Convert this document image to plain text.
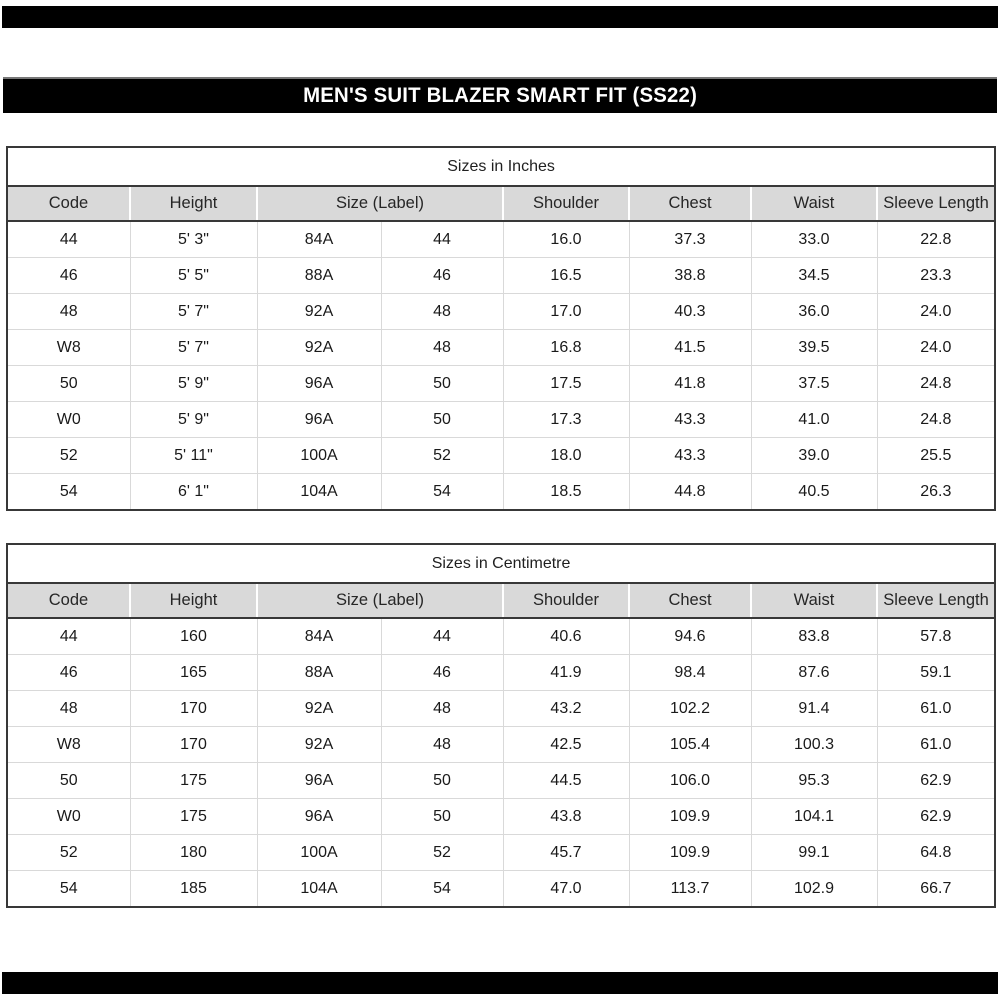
MEN'S SUIT BLAZER SMART FIT (SS22)
Sizes in Inches							
Code	Height	Size (Label)		Shoulder	Chest	Waist	Sleeve Length
44	5' 3"	84A	44	16.0	37.3	33.0	22.8
46	5' 5"	88A	46	16.5	38.8	34.5	23.3
48	5' 7"	92A	48	17.0	40.3	36.0	24.0
W8	5' 7"	92A	48	16.8	41.5	39.5	24.0
50	5' 9"	96A	50	17.5	41.8	37.5	24.8
W0	5' 9"	96A	50	17.3	43.3	41.0	24.8
52	5' 11"	100A	52	18.0	43.3	39.0	25.5
54	6' 1"	104A	54	18.5	44.8	40.5	26.3
Sizes in Centimetre							
Code	Height	Size (Label)		Shoulder	Chest	Waist	Sleeve Length
44	160	84A	44	40.6	94.6	83.8	57.8
46	165	88A	46	41.9	98.4	87.6	59.1
48	170	92A	48	43.2	102.2	91.4	61.0
W8	170	92A	48	42.5	105.4	100.3	61.0
50	175	96A	50	44.5	106.0	95.3	62.9
W0	175	96A	50	43.8	109.9	104.1	62.9
52	180	100A	52	45.7	109.9	99.1	64.8
54	185	104A	54	47.0	113.7	102.9	66.7
